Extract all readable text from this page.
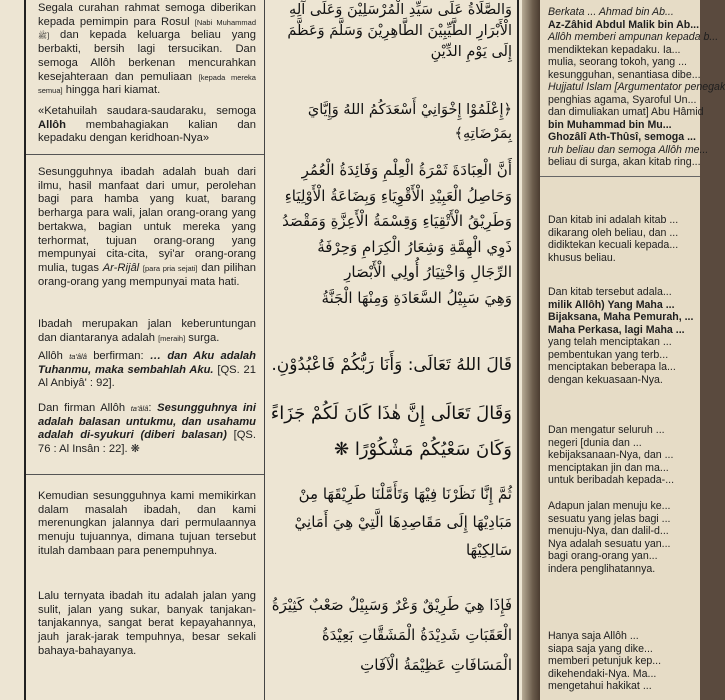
Segala curahan rahmat semoga diberikan kepada pemimpin para Rosul [Nabi Muhammad ﷺ] dan kepada keluarga beliau yang berbakti, bersih lagi tersucikan. Dan semoga Allôh berkenan mencurahkan kesejahteraan dan pemuliaan [kepada mereka semua] hingga hari kiamat.
«Ketahuilah saudara-saudaraku, semoga Allôh membahagiakan kalian dan kepadaku dengan keridhoan-Nya»
Sesungguhnya ibadah adalah buah dari ilmu, hasil manfaat dari umur, perolehan bagi para hamba yang kuat, barang berharga para wali, jalan orang-orang yang bertakwa, bagian untuk mereka yang terhormat, tujuan orang-orang yang mempunyai cita-cita, syi'ar orang-orang mulia, tugas Ar-Rijâl [para pria sejati] dan pilihan orang-orang yang mempunyai mata hati.
Ibadah merupakan jalan keberuntungan dan diantaranya adalah [meraih] surga.
Allôh ta'âlâ berfirman: … dan Aku adalah Tuhanmu, maka sembahlah Aku. [QS. 21 Al Anbiyâ' : 92].
Dan firman Allôh ta'âlâ: Sesungguhnya ini adalah balasan untukmu, dan usahamu adalah di-syukuri (diberi balasan) [QS. 76 : Al Insân : 22]. ❋
Kemudian sesungguhnya kami memikirkan dalam masalah ibadah, dan kami merenungkan jalannya dari permulaannya menuju tujuannya, dimana tujuan tersebut itulah dambaan para penempuhnya.
Lalu ternyata ibadah itu adalah jalan yang sulit, jalan yang sukar, banyak tanjakan-tanjakannya, sangat berat kepayahannya, jauh jarak-jarak tempuhnya, besar sekali bahaya-bahayanya.
وَالصَّلَاةُ عَلَى سَيِّدِ الْمُرْسَلِيْنَ وَعَلَى آلِهِ
الْأَبْرَارِ الطَّيِّبِيْنَ الطَّاهِرِيْنَ وَسَلَّمَ وَعَظَّمَ
إِلَى يَوْمِ الدِّيْنِ
﴿إِعْلَمُوْا إِخْوَانِيْ أَسْعَدَكُمُ اللهُ وَإِيَّايَ
بِمَرْضَاتِهِ﴾
أَنَّ الْعِبَادَةَ ثَمْرَةُ الْعِلْمِ وَفَائِدَةُ الْعُمُرِ
وَحَاصِلُ الْعَبِيْدِ الْأَقْوِيَاءِ وَبِضَاعَةُ الْأَوْلِيَاءِ
وَطَرِيْقُ الْأَتْقِيَاءِ وَقِسْمَةُ الْأَعِزَّةِ وَمَقْصَدُ
ذَوِي الْهِمَّةِ وَشِعَارُ الْكِرَامِ وَحِرْفَةُ
الرِّجَالِ وَاخْتِيَارُ أُولِي الْأَبْصَارِ
وَهِيَ سَبِيْلُ السَّعَادَةِ وَمِنْهَا الْجَنَّةُ
قَالَ اللهُ تَعَالَى: وَأَنَا رَبُّكُمْ فَاعْبُدُوْنِ.
وَقَالَ تَعَالَى إِنَّ هٰذَا كَانَ لَكُمْ جَزَاءً
وَكَانَ سَعْيُكُمْ مَشْكُوْرًا ❋
ثُمَّ إِنَّا نَظَرْنَا فِيْهَا وَتَأَمَّلْنَا طَرِيْقَهَا مِنْ
مَبَادِيْهَا إِلَى مَقَاصِدِهَا الَّتِيْ هِيَ أَمَانِيْ
سَالِكِيْهَا
فَإِذَا هِيَ طَرِيْقٌ وَعْرٌ وَسَبِيْلٌ صَعْبٌ كَثِيْرَةُ
الْعَقَبَاتِ شَدِيْدَةُ الْمَشَقَّاتِ بَعِيْدَةُ
الْمَسَافَاتِ عَظِيْمَةُ الْآفَاتِ
Berkata ... Ahmad bin Ab...
Az-Zâhid Abdul Malik bin Ab...
Allôh memberi ampunan kepada b...
mendiktekan kepadaku. Ia...
mulia, seorang tokoh, yang ...
kesungguhan, senantiasa dibe...
Hujjatul Islam [Argumentator penegak
penghias agama, Syaroful Un...
dan dimuliakan umat] Abu Hâmid
bin Muhammad bin Mu...
Ghozâlî Ath-Thûsî, semoga ...
ruh beliau dan semoga Allôh me...
beliau di surga, akan kitab ring...
Dan kitab ini adalah kitab ...
dikarang oleh beliau, dan ...
didiktekan kecuali kepada...
khusus beliau.
Dan kitab tersebut adala...
milik Allôh) Yang Maha ...
Bijaksana, Maha Pemurah, ...
Maha Perkasa, lagi Maha ...
yang telah menciptakan ...
pembentukan yang terb...
menciptakan beberapa la...
dengan kekuasaan-Nya.
Dan mengatur seluruh ...
negeri [dunia dan ...
kebijaksanaan-Nya, dan ...
menciptakan jin dan ma...
untuk beribadah kepada-...
Adapun jalan menuju ke...
sesuatu yang jelas bagi ...
menuju-Nya, dan dalil-d...
Nya adalah sesuatu yan...
bagi orang-orang yan...
indera penglihatannya.
Hanya saja Allôh ...
siapa saja yang dike...
memberi petunjuk kep...
dikehendaki-Nya. Ma...
mengetahui hakikat ...
